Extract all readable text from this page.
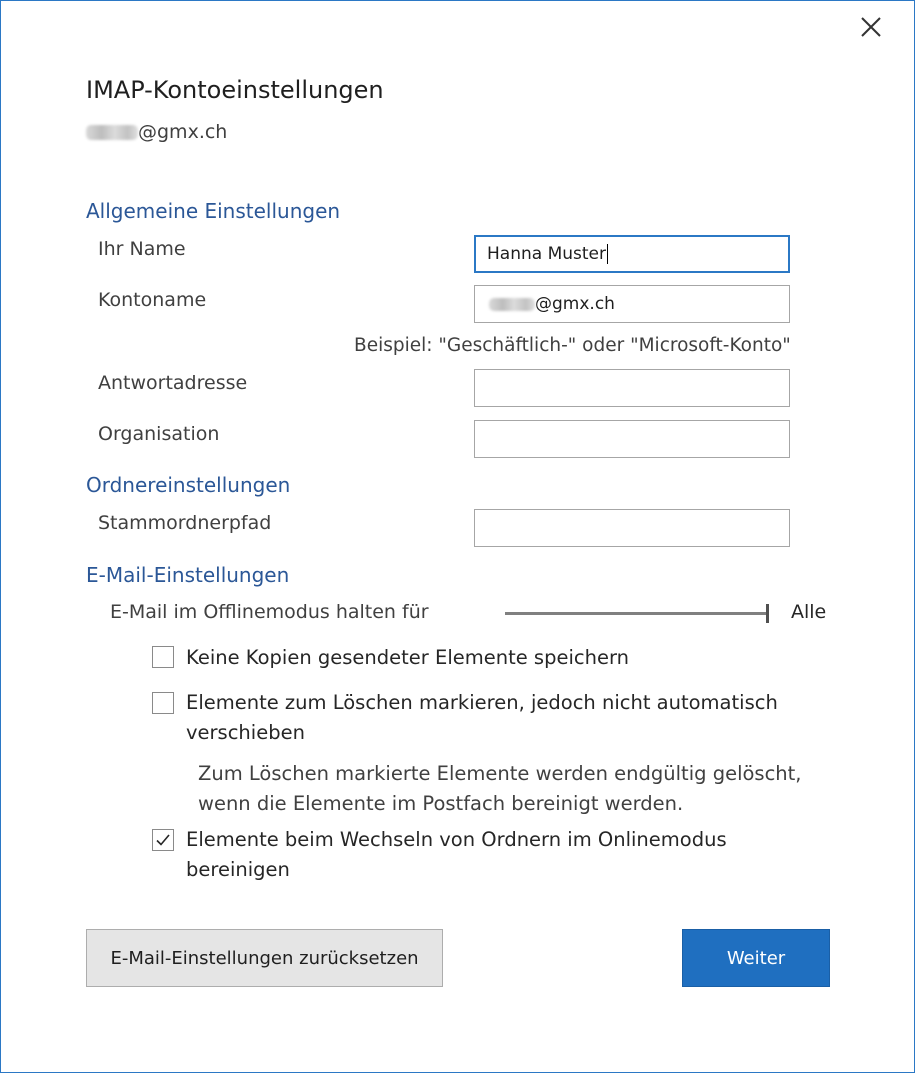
IMAP-Kontoeinstellungen
@gmx.ch
Allgemeine Einstellungen
Ihr Name	Hanna Muster
Kontoname	@gmx.ch
Beispiel: "Geschäftlich-" oder "Microsoft-Konto"
Antwortadresse
Organisation
Ordnereinstellungen
Stammordnerpfad
E-Mail-Einstellungen
E-Mail im Offlinemodus halten für	Alle
Keine Kopien gesendeter Elemente speichern
Elemente zum Löschen markieren, jedoch nicht automatisch verschieben
Zum Löschen markierte Elemente werden endgültig gelöscht, wenn die Elemente im Postfach bereinigt werden.
Elemente beim Wechseln von Ordnern im Onlinemodus bereinigen
E-Mail-Einstellungen zurücksetzen	Weiter
